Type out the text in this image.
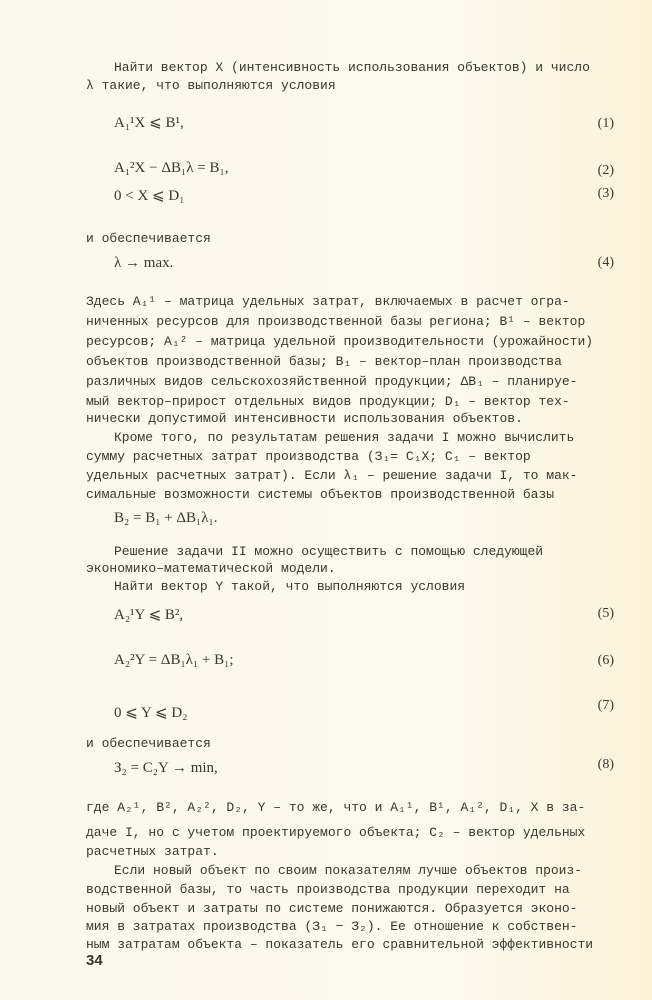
Найти вектор X (интенсивность использования объектов) и число
λ такие, что выполняются условия
A₁¹X ⩽ B¹,	(1)
A₁²X − ΔB₁λ = B₁,	(2)
0 < X ⩽ D₁	(3)
и обеспечивается
λ → max.	(4)
Здесь A₁¹ – матрица удельных затрат, включаемых в расчет огра-
ниченных ресурсов для производственной базы региона; B¹ – вектор
ресурсов; A₁² – матрица удельной производительности (урожайности)
объектов производственной базы; B₁ – вектор–план производства
различных видов сельскохозяйственной продукции; ΔB₁ – планируе-
мый вектор–прирост отдельных видов продукции; D₁ – вектор тех-
нически допустимой интенсивности использования объектов.
Кроме того, по результатам решения задачи I можно вычислить
сумму расчетных затрат производства (З₁= C₁X; C₁ – вектор
удельных расчетных затрат). Если λ₁ – решение задачи I, то мак-
симальные возможности системы объектов производственной базы
B₂ = B₁ + ΔB₁λ₁.
Решение задачи II можно осуществить с помощью следующей
экономико–математической модели.
Найти вектор Y такой, что выполняются условия
A₂¹Y ⩽ B²,	(5)
A₂²Y = ΔB₁λ₁ + B₁;	(6)
0 ⩽ Y ⩽ D₂	(7)
и обеспечивается
З₂ = C₂Y → min,	(8)
где A₂¹, B², A₂², D₂, Y – то же, что и A₁¹, B¹, A₁², D₁, X в за-
даче I, но с учетом проектируемого объекта; C₂ – вектор удельных
расчетных затрат.
Если новый объект по своим показателям лучше объектов произ-
водственной базы, то часть производства продукции переходит на
новый объект и затраты по системе понижаются. Образуется эконо-
мия в затратах производства (З₁ − З₂). Ее отношение к собствен-
ным затратам объекта – показатель его сравнительной эффективности
34
